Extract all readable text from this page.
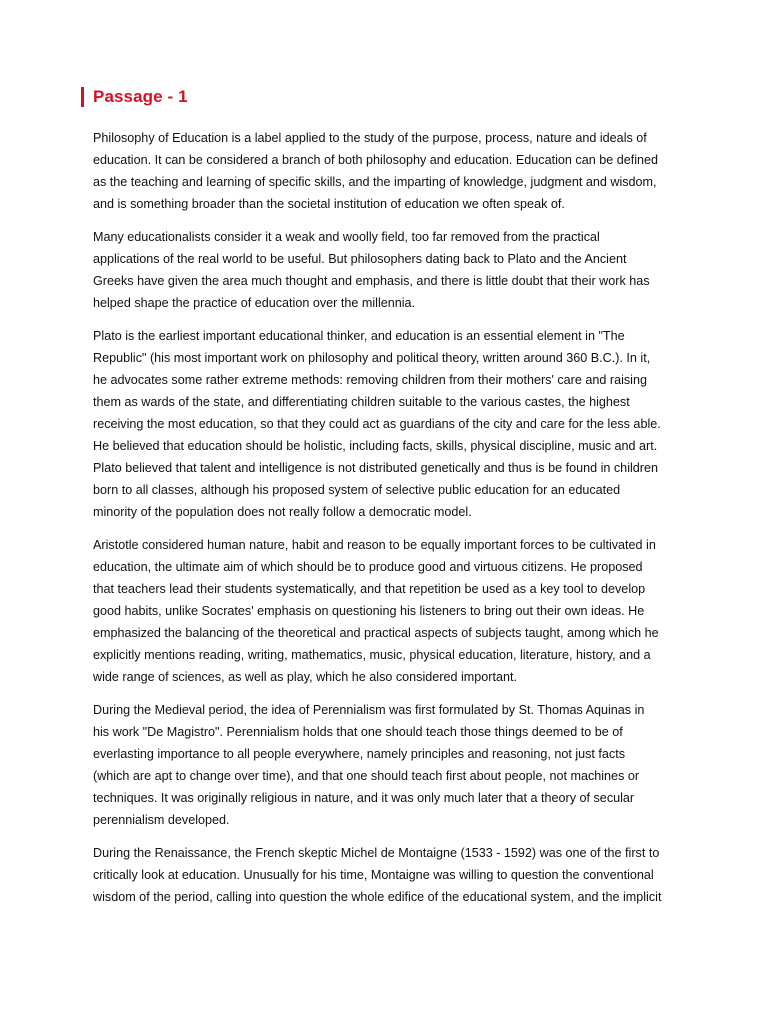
Passage - 1

Philosophy of Education is a label applied to the study of the purpose, process, nature and ideals of
education. It can be considered a branch of both philosophy and education. Education can be defined
as the teaching and learning of specific skills, and the imparting of knowledge, judgment and wisdom,
and is something broader than the societal institution of education we often speak of.

Many educationalists consider it a weak and woolly field, too far removed from the practical
applications of the real world to be useful. But philosophers dating back to Plato and the Ancient
Greeks have given the area much thought and emphasis, and there is little doubt that their work has
helped shape the practice of education over the millennia.

Plato is the earliest important educational thinker, and education is an essential element in "The
Republic" (his most important work on philosophy and political theory, written around 360 B.C.). In it,
he advocates some rather extreme methods: removing children from their mothers' care and raising
them as wards of the state, and differentiating children suitable to the various castes, the highest
receiving the most education, so that they could act as guardians of the city and care for the less able.
He believed that education should be holistic, including facts, skills, physical discipline, music and art.
Plato believed that talent and intelligence is not distributed genetically and thus is be found in children
born to all classes, although his proposed system of selective public education for an educated
minority of the population does not really follow a democratic model.

Aristotle considered human nature, habit and reason to be equally important forces to be cultivated in
education, the ultimate aim of which should be to produce good and virtuous citizens. He proposed
that teachers lead their students systematically, and that repetition be used as a key tool to develop
good habits, unlike Socrates' emphasis on questioning his listeners to bring out their own ideas. He
emphasized the balancing of the theoretical and practical aspects of subjects taught, among which he
explicitly mentions reading, writing, mathematics, music, physical education, literature, history, and a
wide range of sciences, as well as play, which he also considered important.

During the Medieval period, the idea of Perennialism was first formulated by St. Thomas Aquinas in
his work "De Magistro". Perennialism holds that one should teach those things deemed to be of
everlasting importance to all people everywhere, namely principles and reasoning, not just facts
(which are apt to change over time), and that one should teach first about people, not machines or
techniques. It was originally religious in nature, and it was only much later that a theory of secular
perennialism developed.

During the Renaissance, the French skeptic Michel de Montaigne (1533 - 1592) was one of the first to
critically look at education. Unusually for his time, Montaigne was willing to question the conventional
wisdom of the period, calling into question the whole edifice of the educational system, and the implicit
